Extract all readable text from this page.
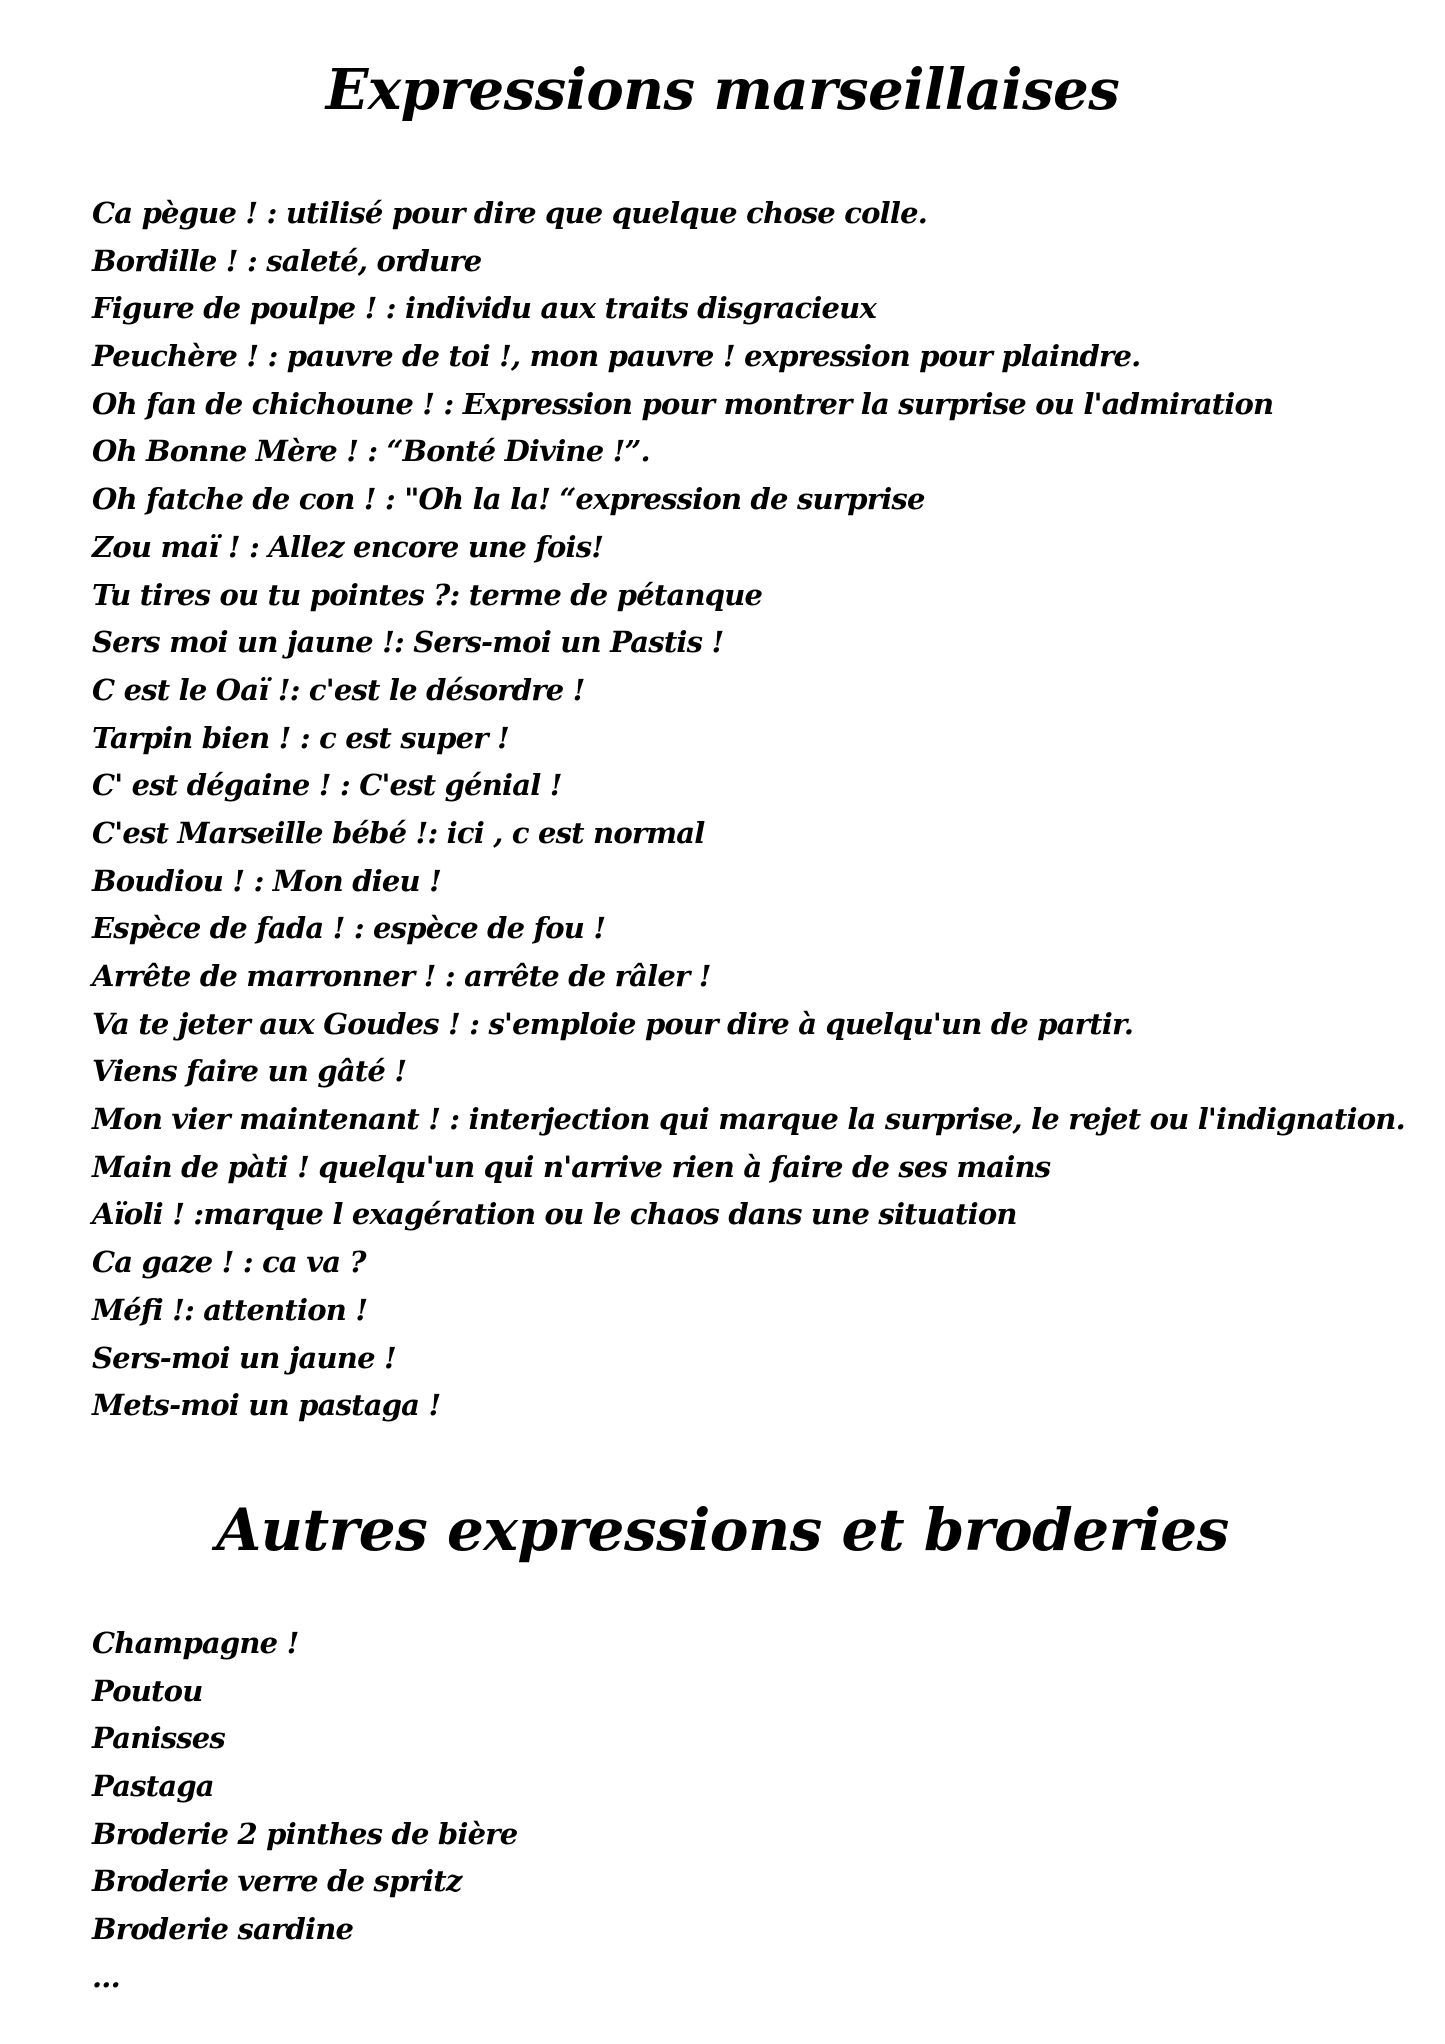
Expressions marseillaises
Ca pègue ! : utilisé pour dire que quelque chose colle.
Bordille ! : saleté, ordure
Figure de poulpe ! : individu aux traits disgracieux
Peuchère ! : pauvre de toi !, mon pauvre ! expression pour plaindre.
Oh fan de chichoune ! : Expression pour montrer la surprise ou l'admiration
Oh Bonne Mère ! : “Bonté Divine !”.
Oh fatche de con ! : "Oh la la! “expression de surprise
Zou maï ! : Allez encore une fois!
Tu tires ou tu pointes ?: terme de pétanque
Sers moi un jaune !: Sers-moi un Pastis !
C est le Oaï !: c'est le désordre !
Tarpin bien ! : c est super !
C' est dégaine ! : C'est génial !
C'est Marseille bébé !: ici , c est normal
Boudiou ! : Mon dieu !
Espèce de fada ! : espèce de fou !
Arrête de marronner ! : arrête de râler !
Va te jeter aux Goudes ! : s'emploie pour dire à quelqu'un de partir.
Viens faire un gâté !
Mon vier maintenant ! : interjection qui marque la surprise, le rejet ou l'indignation.
Main de pàti ! quelqu'un qui n'arrive rien à faire de ses mains
Aïoli ! :marque l exagération ou le chaos dans une situation
Ca gaze ! : ca va ?
Méfi !: attention !
Sers-moi un jaune !
Mets-moi un pastaga !
Autres expressions et broderies
Champagne !
Poutou
Panisses
Pastaga
Broderie 2 pinthes de bière
Broderie verre de spritz
Broderie sardine
...
